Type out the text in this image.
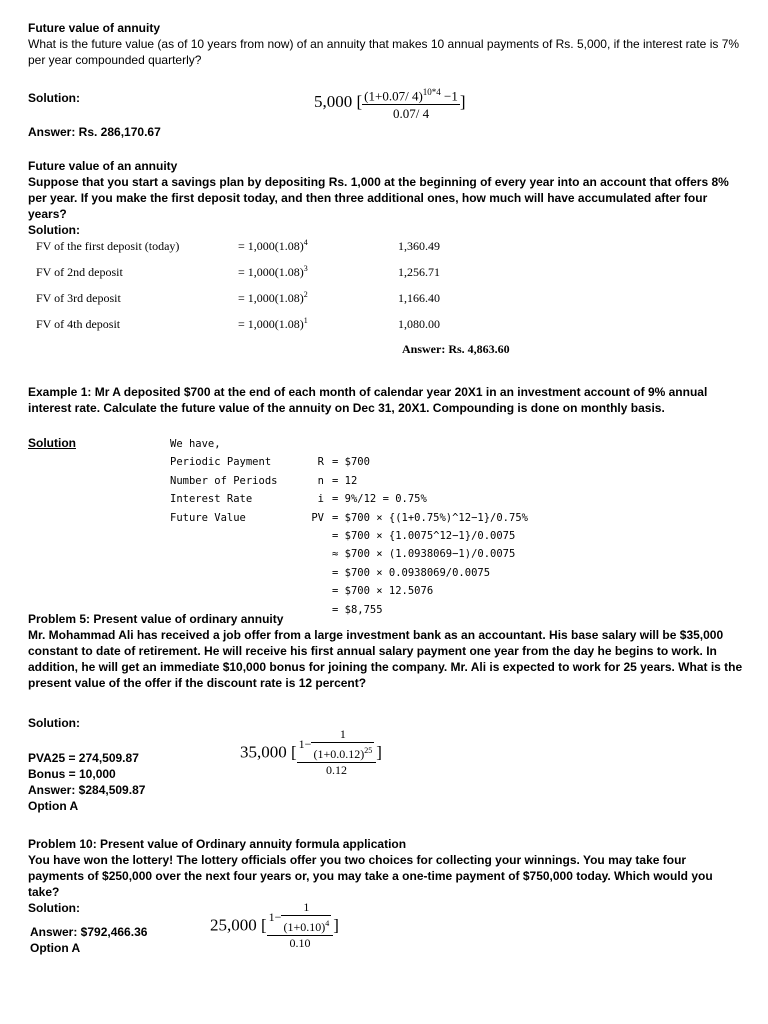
Future value of annuity

What is the future value (as of 10 years from now) of an annuity that makes 10 annual payments of Rs. 5,000, if the interest rate is 7% per year compounded quarterly?

Solution:
Answer: Rs. 286,170.67
5,000 [ $\frac{(1+0.07/ 4)^{10*4} -1}{0.07/ 4}$ ]

Future value of an annuity

Suppose that you start a savings plan by depositing Rs. 1,000 at the beginning of every year into an account that offers 8% per year. If you make the first deposit today, and then three additional ones, how much will have accumulated after four years?

Solution:

FV of the first deposit (today)	= $1,000(1.08)^4$	1,360.49
FV of 2nd deposit	= $1,000(1.08)^3$	1,256.71
FV of 3rd deposit	= $1,000(1.08)^2$	1,166.40
FV of 4th deposit	= $1,000(1.08)^1$	1,080.00
Answer: Rs. 4,863.60
Example 1: Mr A deposited $700 at the end of each month of calendar year 20X1 in an investment account of 9% annual interest rate. Calculate the future value of the annuity on Dec 31, 20X1. Compounding is done on monthly basis.
Solution	We have,		
Periodic Payment	R	= $700
Number of Periods	n	= 12
Interest Rate	i	= 9%/12 = 0.75%
Future Value	PV	= $700 × {(1+0.75%)^12−1}/0.75%
		= $700 × {1.0075^12−1}/0.0075
		≈ $700 × (1.0938069−1)/0.0075
		= $700 × 0.0938069/0.0075
		= $700 × 12.5076
		= $8,755

Problem 5: Present value of ordinary annuity

Mr. Mohammad Ali has received a job offer from a large investment bank as an accountant. His base salary will be $35,000 constant to date of retirement. He will receive his first annual salary payment one year from the day he begins to work. In addition, he will get an immediate $10,000 bonus for joining the company. Mr. Ali is expected to work for 25 years. What is the present value of the offer if the discount rate is 12 percent?

Solution:

PVA25 = 274,509.87

Bonus = 10,000

Answer: $284,509.87

Option A

35,000 [ $\frac{1- \frac{1}{(1+0.0.12)^{25}}}{0.12}$ ]

Problem 10: Present value of Ordinary annuity formula application

You have won the lottery! The lottery officials offer you two choices for collecting your winnings. You may take four payments of $250,000 over the next four years or, you may take a one-time payment of $750,000 today. Which would you take?

Solution:

Answer: $792,466.36

Option A

25,000 [ $\frac{1- \frac{1}{(1+0.10)^4}}{0.10}$ ]
